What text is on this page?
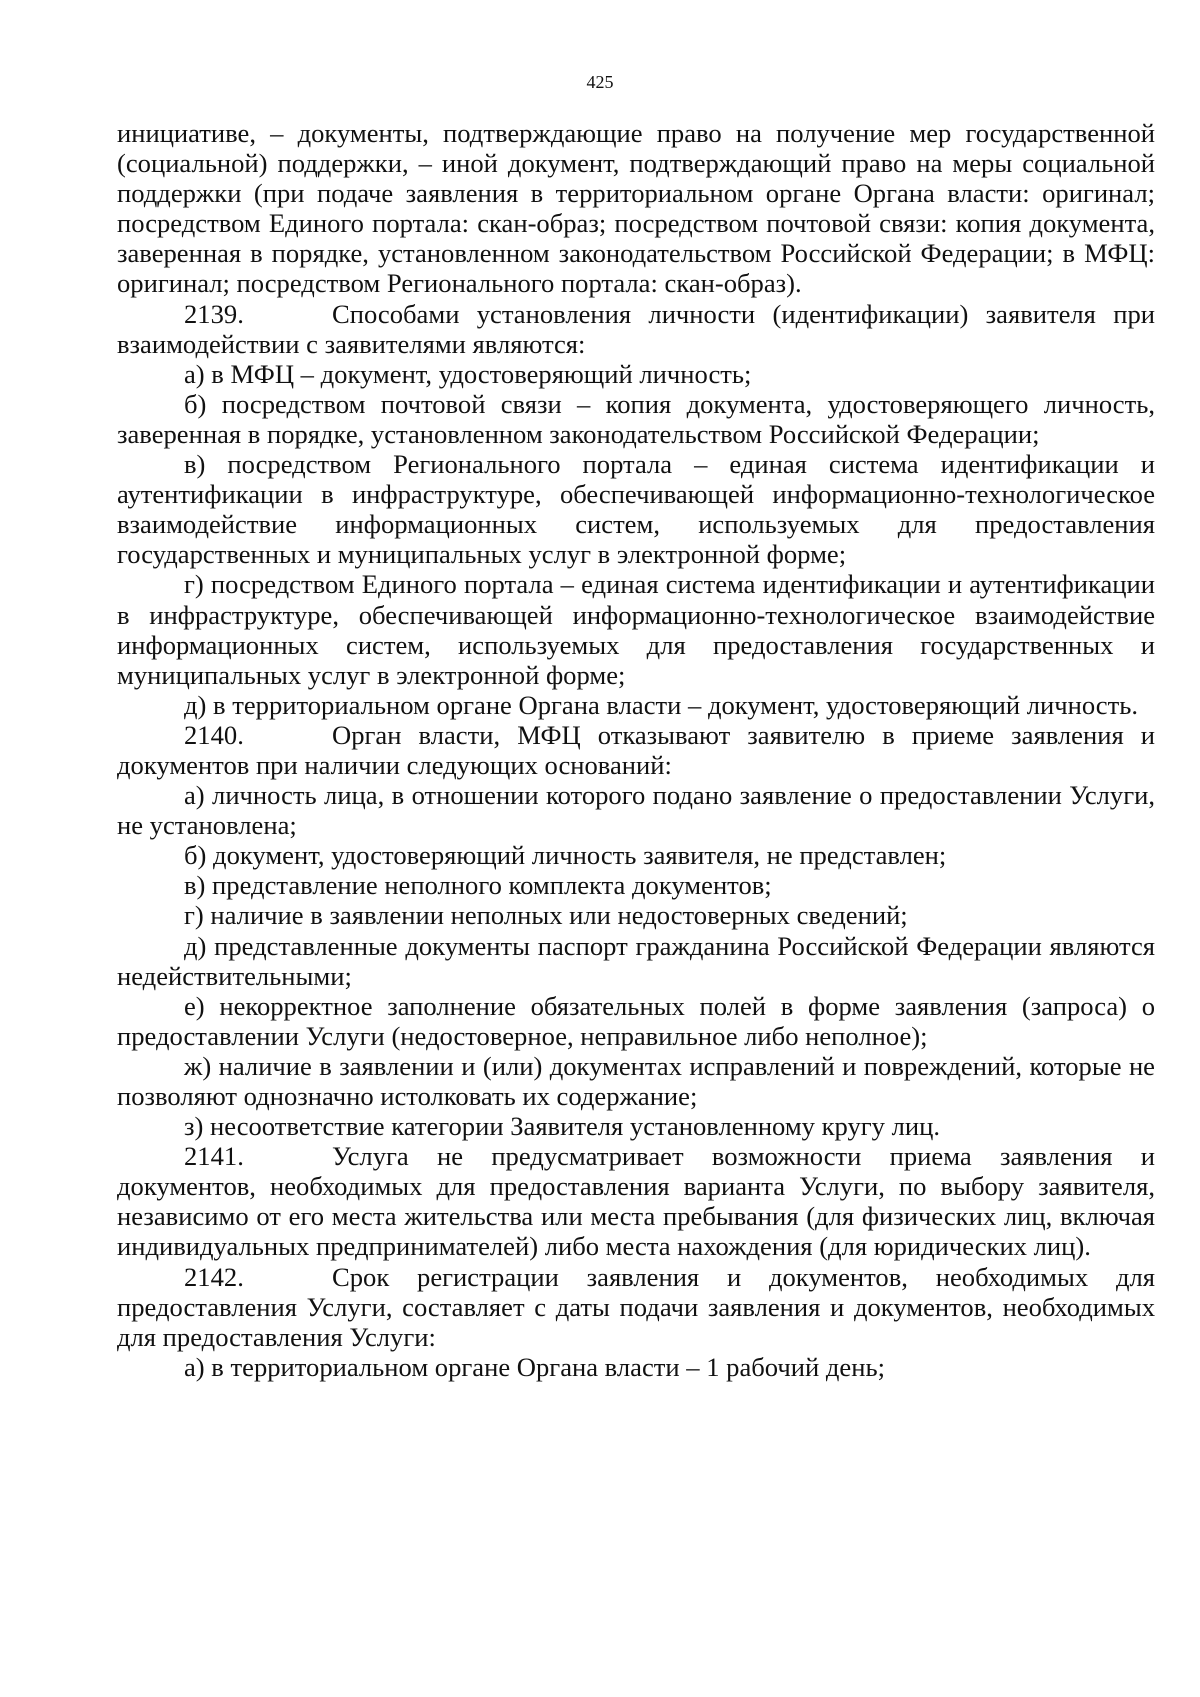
425

инициативе, – документы, подтверждающие право на получение мер государственной (социальной) поддержки, – иной документ, подтверждающий право на меры социальной поддержки (при подаче заявления в территориальном органе Органа власти: оригинал; посредством Единого портала: скан-образ; посредством почтовой связи: копия документа, заверенная в порядке, установленном законодательством Российской Федерации; в МФЦ: оригинал; посредством Регионального портала: скан-образ).

2139.	Способами установления личности (идентификации) заявителя при взаимодействии с заявителями являются:

а) в МФЦ – документ, удостоверяющий личность;

б) посредством почтовой связи – копия документа, удостоверяющего личность, заверенная в порядке, установленном законодательством Российской Федерации;

в) посредством Регионального портала – единая система идентификации и аутентификации в инфраструктуре, обеспечивающей информационно-технологическое взаимодействие информационных систем, используемых для предоставления государственных и муниципальных услуг в электронной форме;

г) посредством Единого портала – единая система идентификации и аутентификации в инфраструктуре, обеспечивающей информационно-технологическое взаимодействие информационных систем, используемых для предоставления государственных и муниципальных услуг в электронной форме;

д) в территориальном органе Органа власти – документ, удостоверяющий личность.

2140.	Орган власти, МФЦ отказывают заявителю в приеме заявления и документов при наличии следующих оснований:

а) личность лица, в отношении которого подано заявление о предоставлении Услуги, не установлена;

б) документ, удостоверяющий личность заявителя, не представлен;

в) представление неполного комплекта документов;

г) наличие в заявлении неполных или недостоверных сведений;

д) представленные документы паспорт гражданина Российской Федерации являются недействительными;

е) некорректное заполнение обязательных полей в форме заявления (запроса) о предоставлении Услуги (недостоверное, неправильное либо неполное);

ж) наличие в заявлении и (или) документах исправлений и повреждений, которые не позволяют однозначно истолковать их содержание;

з) несоответствие категории Заявителя установленному кругу лиц.

2141.	Услуга не предусматривает возможности приема заявления и документов, необходимых для предоставления варианта Услуги, по выбору заявителя, независимо от его места жительства или места пребывания (для физических лиц, включая индивидуальных предпринимателей) либо места нахождения (для юридических лиц).

2142.	Срок регистрации заявления и документов, необходимых для предоставления Услуги, составляет с даты подачи заявления и документов, необходимых для предоставления Услуги:

а) в территориальном органе Органа власти – 1 рабочий день;
